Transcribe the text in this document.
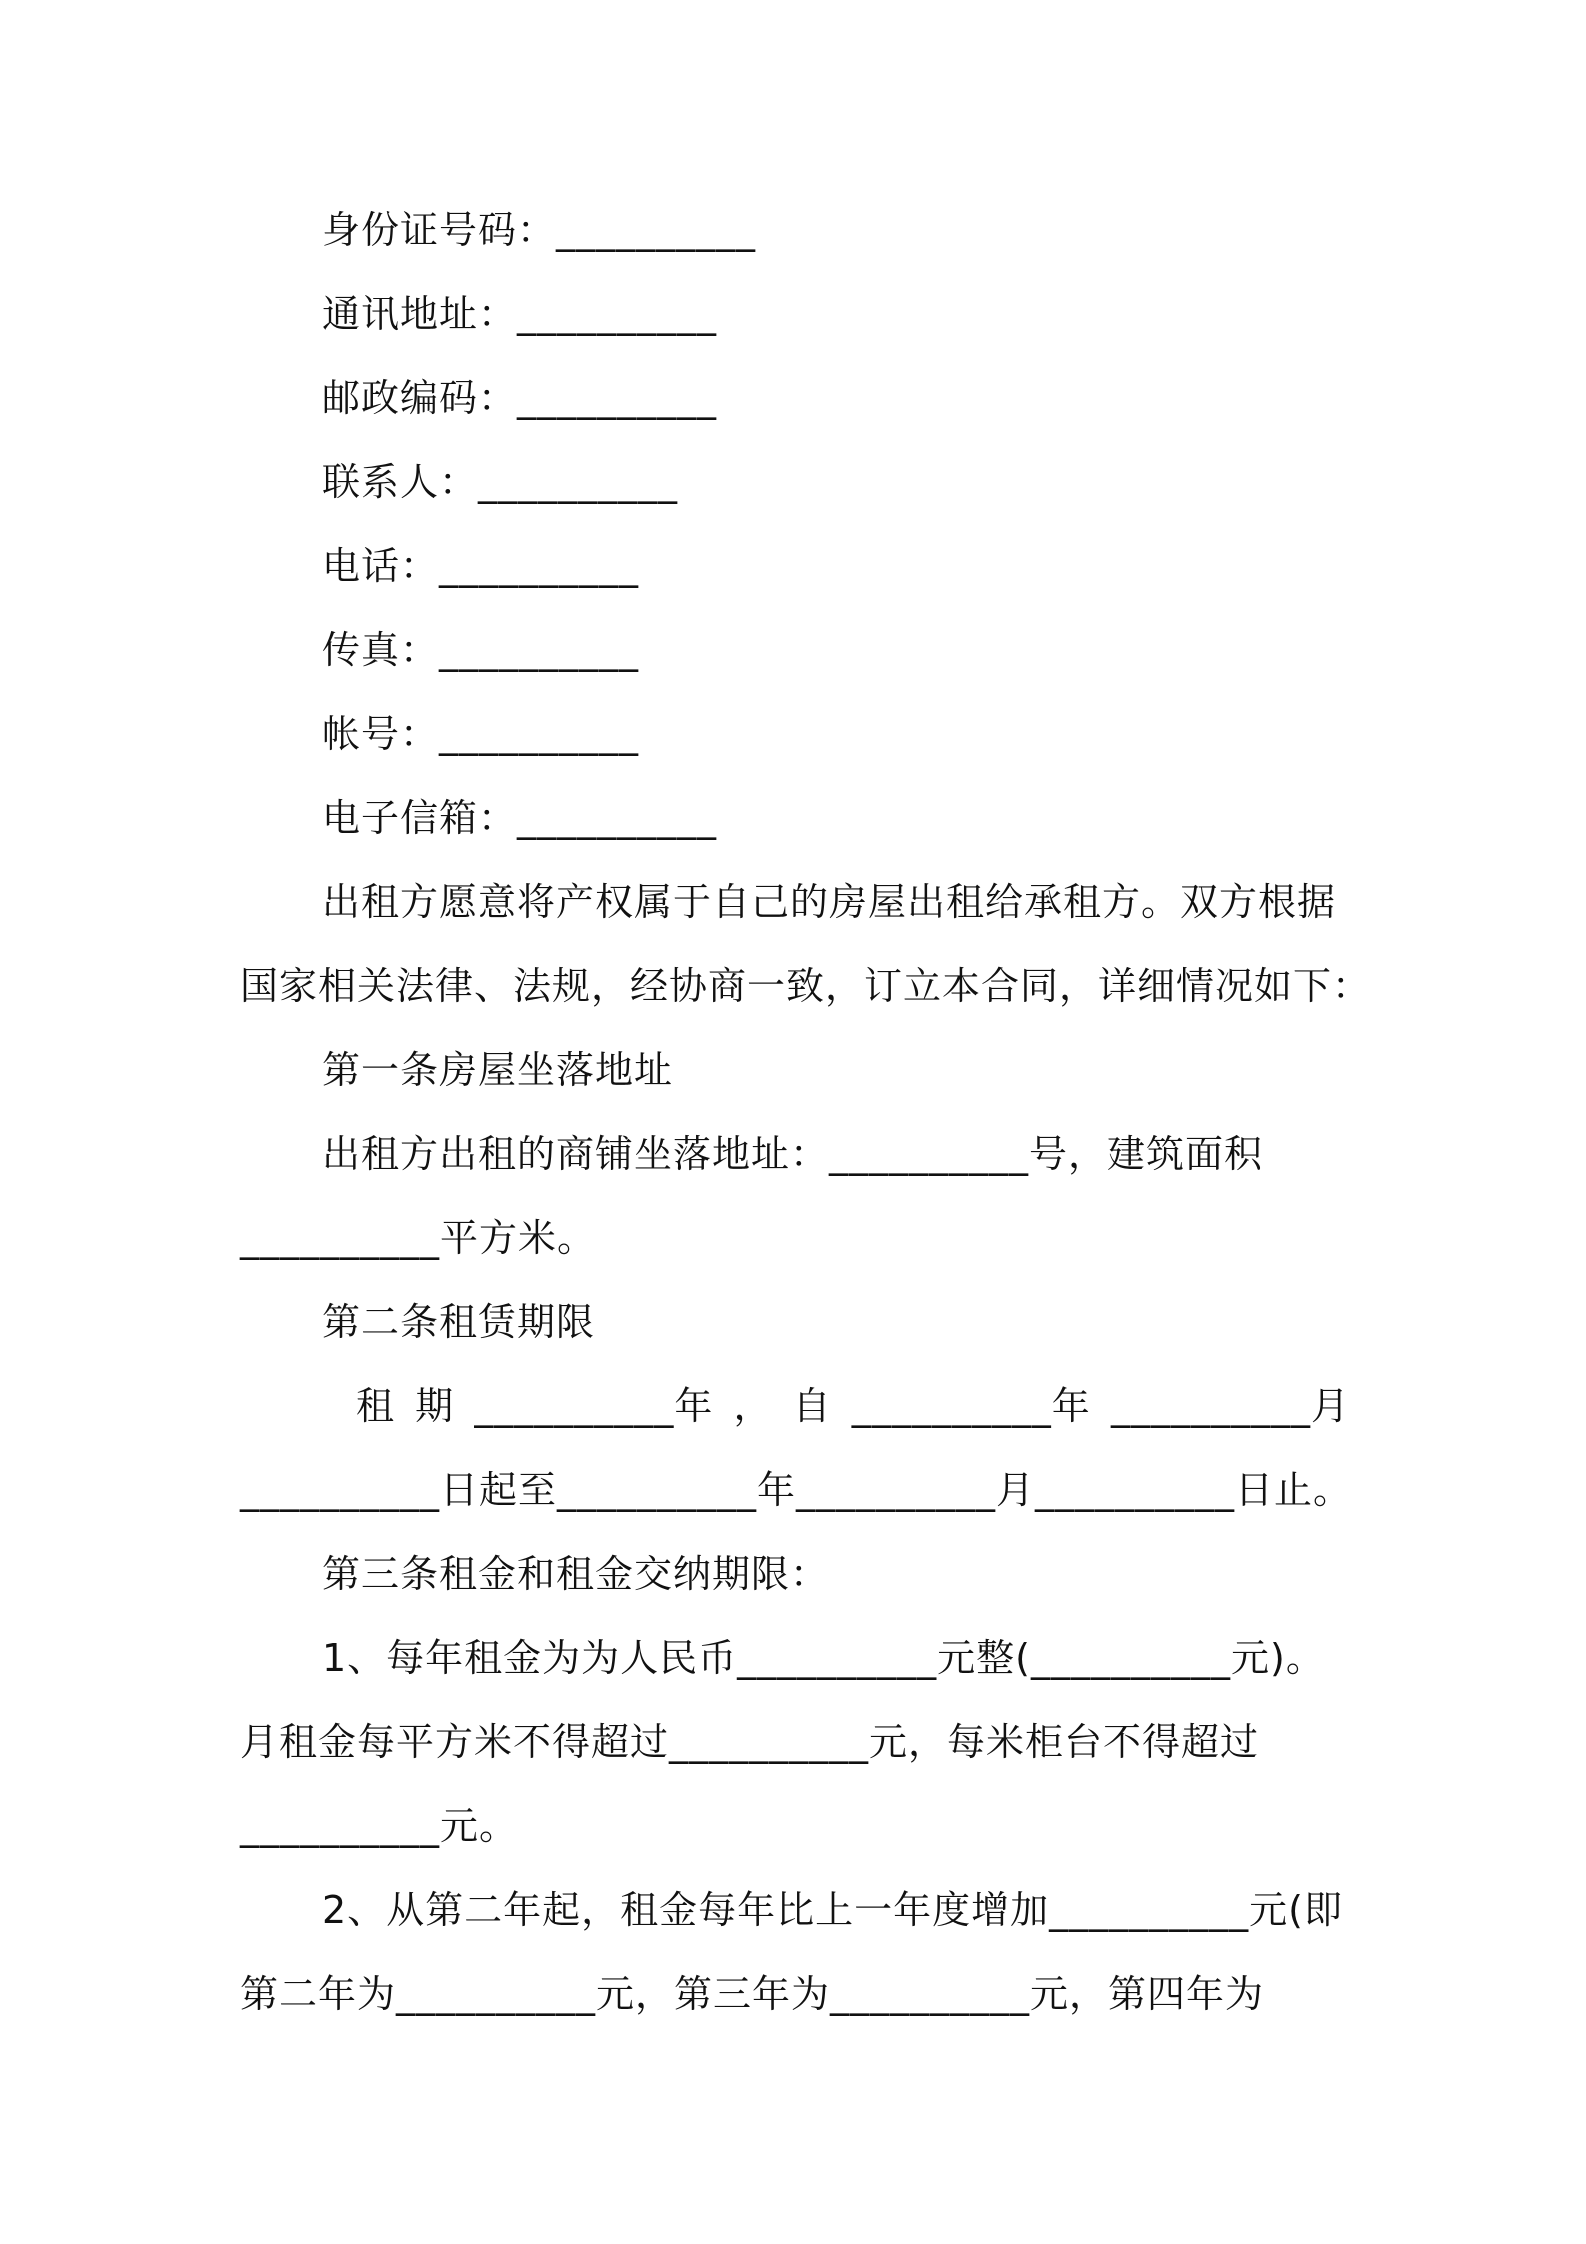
身份证号码：__________
通讯地址：__________
邮政编码：__________
联系人：__________
电话：__________
传真：__________
帐号：__________
电子信箱：__________
出租方愿意将产权属于自己的房屋出租给承租方。双方根据
国家相关法律、法规，经协商一致，订立本合同，详细情况如下：
第一条房屋坐落地址
出租方出租的商铺坐落地址：__________号，建筑面积
__________平方米。
第二条租赁期限
租 期 __________年 ， 自 __________年 __________月
__________日起至__________年__________月__________日止。
第三条租金和租金交纳期限：
1、每年租金为为人民币__________元整(__________元)。
月租金每平方米不得超过__________元，每米柜台不得超过
__________元。
2、从第二年起，租金每年比上一年度增加__________元(即
第二年为__________元，第三年为__________元，第四年为
